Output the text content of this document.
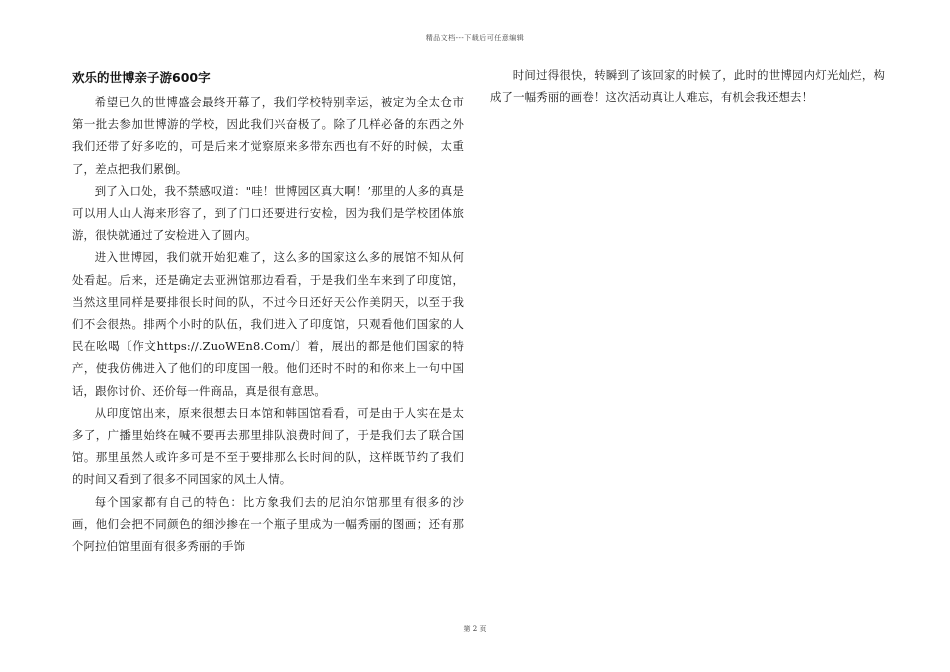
精品文档---下载后可任意编辑
欢乐的世博亲子游600字

希望已久的世博盛会最终开幕了，我们学校特别幸运，被定为全太仓市第一批去参加世博游的学校，因此我们兴奋极了。除了几样必备的东西之外我们还带了好多吃的，可是后来才觉察原来多带东西也有不好的时候，太重了，差点把我们累倒。

到了入口处，我不禁感叹道："哇！世博园区真大啊！’那里的人多的真是可以用人山人海来形容了，到了门口还要进行安检，因为我们是学校团体旅游，很快就通过了安检进入了圆内。

进入世博园，我们就开始犯难了，这么多的国家这么多的展馆不知从何处看起。后来，还是确定去亚洲馆那边看看，于是我们坐车来到了印度馆，当然这里同样是要排很长时间的队，不过今日还好天公作美阴天，以至于我们不会很热。排两个小时的队伍，我们进入了印度馆，只观看他们国家的人民在吆喝〔作文https://.ZuoWEn8.Com/〕着，展出的都是他们国家的特产，使我仿佛进入了他们的印度国一般。他们还时不时的和你来上一句中国话，跟你讨价、还价每一件商品，真是很有意思。

从印度馆出来，原来很想去日本馆和韩国馆看看，可是由于人实在是太多了，广播里始终在喊不要再去那里排队浪费时间了，于是我们去了联合国馆。那里虽然人或许多可是不至于要排那么长时间的队，这样既节约了我们的时间又看到了很多不同国家的风土人情。

每个国家都有自己的特色：比方象我们去的尼泊尔馆那里有很多的沙画，他们会把不同颜色的细沙掺在一个瓶子里成为一幅秀丽的图画；还有那个阿拉伯馆里面有很多秀丽的手饰

时间过得很快，转瞬到了该回家的时候了，此时的世博园内灯光灿烂，构成了一幅秀丽的画卷！这次活动真让人难忘，有机会我还想去！

第 2 页
